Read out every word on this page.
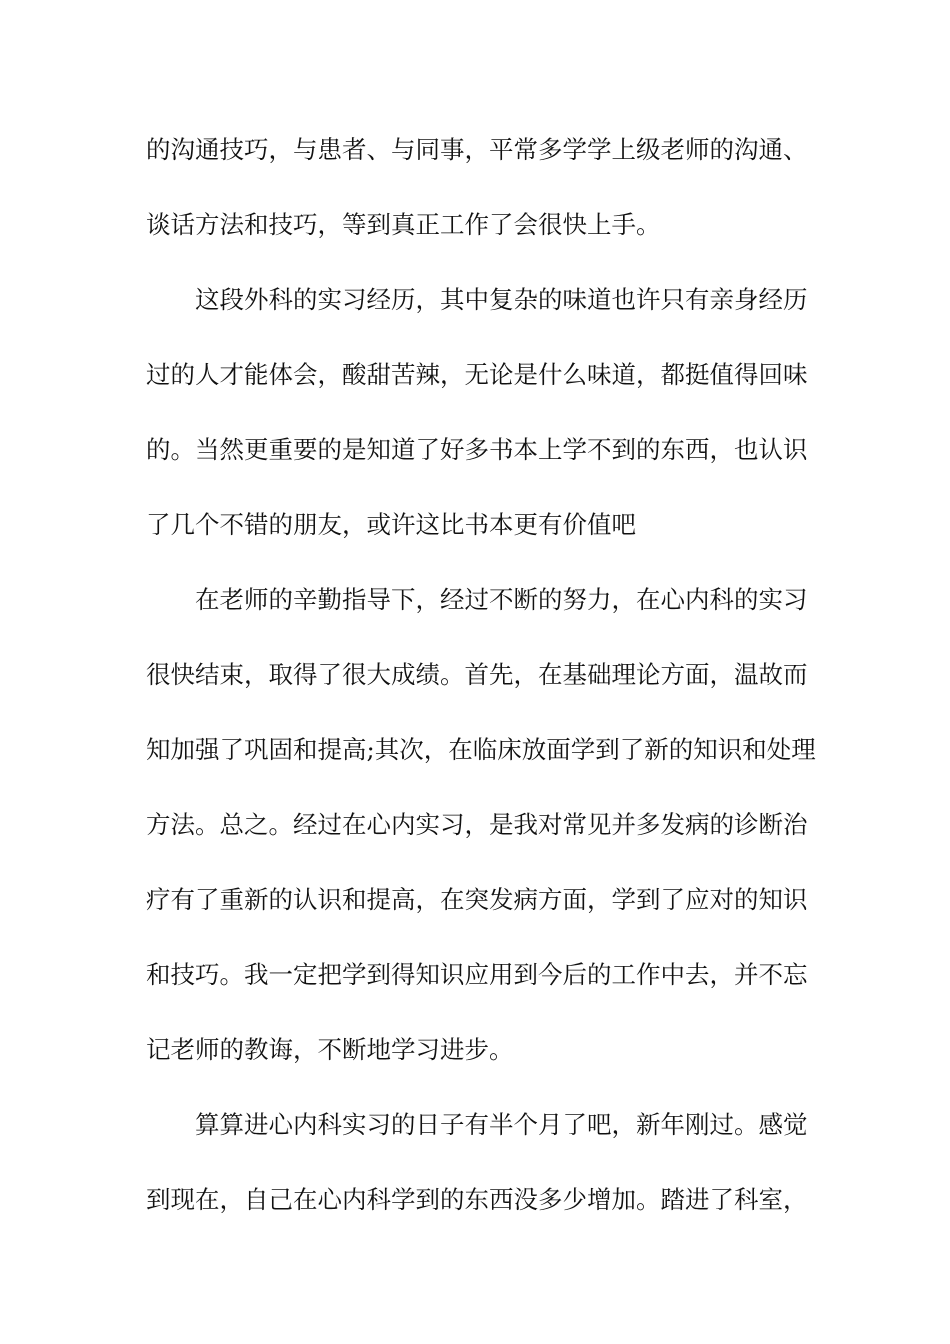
的沟通技巧，与患者、与同事，平常多学学上级老师的沟通、
谈话方法和技巧，等到真正工作了会很快上手。
这段外科的实习经历，其中复杂的味道也许只有亲身经历
过的人才能体会，酸甜苦辣，无论是什么味道，都挺值得回味
的。当然更重要的是知道了好多书本上学不到的东西，也认识
了几个不错的朋友，或许这比书本更有价值吧
在老师的辛勤指导下，经过不断的努力，在心内科的实习
很快结束，取得了很大成绩。首先，在基础理论方面，温故而
知加强了巩固和提高;其次，在临床放面学到了新的知识和处理
方法。总之。经过在心内实习，是我对常见并多发病的诊断治
疗有了重新的认识和提高，在突发病方面，学到了应对的知识
和技巧。我一定把学到得知识应用到今后的工作中去，并不忘
记老师的教诲，不断地学习进步。
算算进心内科实习的日子有半个月了吧，新年刚过。感觉
到现在，自己在心内科学到的东西没多少增加。踏进了科室，
